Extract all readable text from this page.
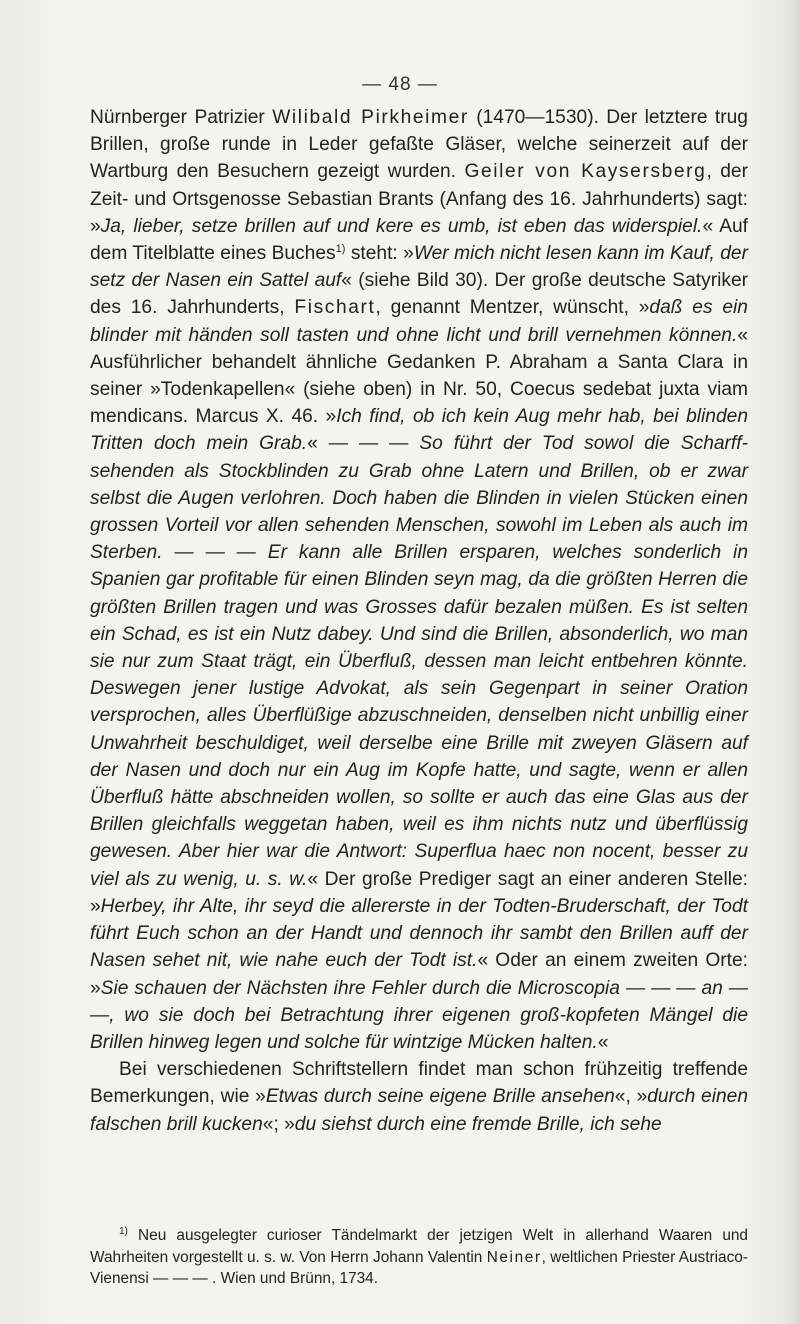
— 48 —

Nürnberger Patrizier Wilibald Pirkheimer (1470—1530). Der letztere trug Brillen, große runde in Leder gefaßte Gläser, welche seinerzeit auf der Wartburg den Besuchern gezeigt wurden. Geiler von Kaysersberg, der Zeit- und Ortsgenosse Sebastian Brants (Anfang des 16. Jahrhunderts) sagt: »Ja, lieber, setze brillen auf und kere es umb, ist eben das widerspiel.« Auf dem Titelblatte eines Buches$^{1)}$ steht: »Wer mich nicht lesen kann im Kauf, der setz der Nasen ein Sattel auf« (siehe Bild 30). Der große deutsche Satyriker des 16. Jahrhunderts, Fischart, genannt Mentzer, wünscht, »daß es ein blinder mit händen soll tasten und ohne licht und brill vernehmen können.« Ausführlicher behandelt ähnliche Gedanken P. Abraham a Santa Clara in seiner »Todenkapellen« (siehe oben) in Nr. 50, Coecus sedebat juxta viam mendicans. Marcus X. 46. »Ich find, ob ich kein Aug mehr hab, bei blinden Tritten doch mein Grab.« — — — So führt der Tod sowol die Scharff-sehenden als Stockblinden zu Grab ohne Latern und Brillen, ob er zwar selbst die Augen verlohren. Doch haben die Blinden in vielen Stücken einen grossen Vorteil vor allen sehenden Menschen, sowohl im Leben als auch im Sterben. — — — Er kann alle Brillen ersparen, welches sonderlich in Spanien gar profitable für einen Blinden seyn mag, da die größten Herren die größten Brillen tragen und was Grosses dafür bezalen müßen. Es ist selten ein Schad, es ist ein Nutz dabey. Und sind die Brillen, absonderlich, wo man sie nur zum Staat trägt, ein Überfluß, dessen man leicht entbehren könnte. Deswegen jener lustige Advokat, als sein Gegenpart in seiner Oration versprochen, alles Überflüßige abzuschneiden, denselben nicht unbillig einer Unwahrheit beschuldiget, weil derselbe eine Brille mit zweyen Gläsern auf der Nasen und doch nur ein Aug im Kopfe hatte, und sagte, wenn er allen Überfluß hätte abschneiden wollen, so sollte er auch das eine Glas aus der Brillen gleichfalls weggetan haben, weil es ihm nichts nutz und überflüssig gewesen. Aber hier war die Antwort: Superflua haec non nocent, besser zu viel als zu wenig, u. s. w.« Der große Prediger sagt an einer anderen Stelle: »Herbey, ihr Alte, ihr seyd die allererste in der Todten-Bruderschaft, der Todt führt Euch schon an der Handt und dennoch ihr sambt den Brillen auff der Nasen sehet nit, wie nahe euch der Todt ist.« Oder an einem zweiten Orte: »Sie schauen der Nächsten ihre Fehler durch die Microscopia — — — an — —, wo sie doch bei Betrachtung ihrer eigenen groß-kopfeten Mängel die Brillen hinweg legen und solche für wintzige Mücken halten.«

Bei verschiedenen Schriftstellern findet man schon frühzeitig treffende Bemerkungen, wie »Etwas durch seine eigene Brille ansehen«, »durch einen falschen brill kucken«; »du siehst durch eine fremde Brille, ich sehe

$^{1)}$ Neu ausgelegter curioser Tändelmarkt der jetzigen Welt in allerhand Waaren und Wahrheiten vorgestellt u. s. w. Von Herrn Johann Valentin Neiner, weltlichen Priester Austriaco-Vienensi — — — . Wien und Brünn, 1734.
